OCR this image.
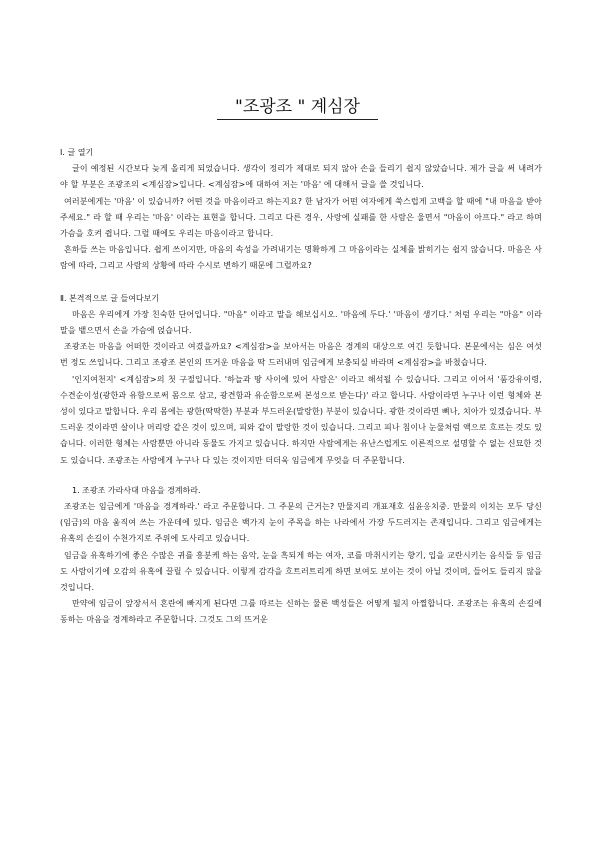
"조광조 " 계심장
Ⅰ. 글 열기

글이 예정된 시간보다 늦게 올리게 되었습니다. 생각이 정리가 제대로 되지 않아 손을 들리기 쉽지 않았습니다. 제가 글을 써 내려가야 할 부분은 조광조의 <계심잠>입니다. <계심잠>에 대하여 저는 '마음' 에 대해서 글을 쓸 것입니다.

여러분에게는 '마음' 이 있습니까? 어떤 것을 마음이라고 하는지요? 한 남자가 어떤 여자에게 쑥스럽게 고백을 할 때에 "내 마음을 받아주세요." 라 할 때 우리는 '마음' 이라는 표현을 합니다. 그리고 다른 경우, 사랑에 실패를 한 사람은 울면서 "마음이 아프다." 라고 하며 가슴을 호켜 쥡니다. 그럴 때에도 우리는 마음이라고 합니다.

흔하들 쓰는 마음입니다. 쉽게 쓰이지만, 마음의 속성을 가려내기는 명확하게 그 마음이라는 실체를 밝히기는 쉽지 않습니다. 마음은 사람에 따라, 그리고 사람의 상황에 따라 수시로 변하기 때문에 그럴까요?

Ⅱ. 본격적으로 글 들여다보기

마음은 우리에게 가장 친숙한 단어입니다. "마음" 이라고 말을 해보십시오. '마음에 두다.' '마음이 생기다.' 처럼 우리는 "마음" 이라 말을 뱉으면서 손을 가슴에 얹습니다.

조광조는 마음을 어떠한 것이라고 여겼을까요? <계심잠>을 보아서는 마음은 경계의 대상으로 여긴 듯합니다. 본문에서는 심은 여섯 번 정도 쓰입니다. 그리고 조광조 본인의 뜨거운 마음을 딱 드러내며 임금에게 보충되실 바라며 <계심잠>을 바쳤습니다.

'인지여천지' <계심잠>의 첫 구절입니다. '하늘과 땅 사이에 있어 사람은' 이라고 해석될 수 있습니다. 그리고 이어서 '품강유이령, 수견순이성(광한과 유함으로써 몸으로 삼고, 광견함과 유순함으로써 본성으로 받는다)' 라고 합니다. 사람이라면 누구나 이런 형체와 본성이 있다고 말합니다. 우리 몸에는 광한(딱딱한) 부분과 부드러운(말랑한) 부분이 있습니다. 광한 것이라면 뼈나, 치아가 있겠습니다. 부드러운 것이라면 살이나 머리랑 같은 것이 있으며, 피와 같이 말랑한 것이 있습니다. 그리고 피나 침이나 눈물처럼 액으로 흐르는 것도 있습니다. 이러한 형체는 사람뿐만 아니라 동물도 가지고 있습니다. 하지만 사람에게는 유난스럽게도 이론적으로 설명할 수 없는 신묘한 것도 있습니다. 조광조는 사람에게 누구나 다 있는 것이지만 더더욱 임금에게 무엇을 더 주문합니다.

1. 조광조 가라사대 마음을 경계하라.

조광조는 임금에게 '마음을 경계하라.' 라고 주문합니다. 그 주문의 근거는? 만물지리 개표재호 심윤응치중. 만물의 이치는 모두 당신(임금)의 마음 움직여 쓰는 가운데에 있다. 임금은 백가지 눈이 주목을 하는 나라에서 가장 두드러지는 존재입니다. 그리고 임금에게는 유혹의 손길이 수천가지로 주위에 도사리고 있습니다.

임금을 유혹하기에 좋은 수많은 귀를 흥분케 하는 음악, 눈을 흑되게 하는 여자, 코를 마취시키는 향기, 입을 교란시키는 음식들 등 임금도 사람이기에 오감의 유혹에 끌릴 수 있습니다. 이렇게 감각을 흐트러트리게 하면 보여도 보이는 것이 아닐 것이며, 들어도 들리지 않을 것입니다.

만약에 임금이 앞장서서 혼란에 빠지게 된다면 그를 따르는 신하는 물론 백성들은 어떻게 될지 아찔합니다. 조광조는 유혹의 손길에 동하는 마음을 경계하라고 주문합니다. 그것도 그의 뜨거운
